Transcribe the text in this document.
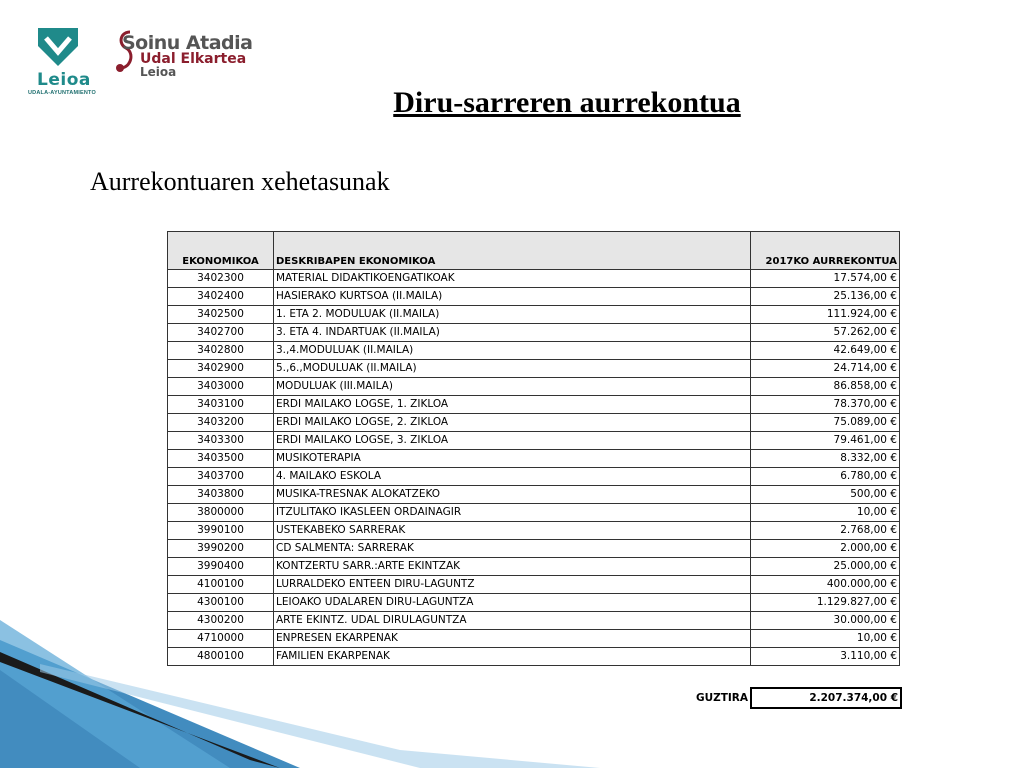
Leioa
UDALA-AYUNTAMIENTO
Soinu Atadia
Udal Elkartea
Leioa
Diru-sarreren aurrekontua
Aurrekontuaren xehetasunak
EKONOMIKOA	DESKRIBAPEN EKONOMIKOA	2017KO AURREKONTUA
3402300	MATERIAL DIDAKTIKOENGATIKOAK	17.574,00 €
3402400	HASIERAKO KURTSOA (II.MAILA)	25.136,00 €
3402500	1. ETA 2. MODULUAK (II.MAILA)	111.924,00 €
3402700	3. ETA 4. INDARTUAK (II.MAILA)	57.262,00 €
3402800	3.,4.MODULUAK (II.MAILA)	42.649,00 €
3402900	5.,6.,MODULUAK (II.MAILA)	24.714,00 €
3403000	MODULUAK (III.MAILA)	86.858,00 €
3403100	ERDI MAILAKO LOGSE, 1. ZIKLOA	78.370,00 €
3403200	ERDI MAILAKO LOGSE, 2. ZIKLOA	75.089,00 €
3403300	ERDI MAILAKO LOGSE, 3. ZIKLOA	79.461,00 €
3403500	MUSIKOTERAPIA	8.332,00 €
3403700	4. MAILAKO ESKOLA	6.780,00 €
3403800	MUSIKA-TRESNAK ALOKATZEKO	500,00 €
3800000	ITZULITAKO IKASLEEN ORDAINAGIR	10,00 €
3990100	USTEKABEKO SARRERAK	2.768,00 €
3990200	CD SALMENTA: SARRERAK	2.000,00 €
3990400	KONTZERTU SARR.:ARTE EKINTZAK	25.000,00 €
4100100	LURRALDEKO ENTEEN DIRU-LAGUNTZ	400.000,00 €
4300100	LEIOAKO UDALAREN DIRU-LAGUNTZA	1.129.827,00 €
4300200	ARTE EKINTZ. UDAL DIRULAGUNTZA	30.000,00 €
4710000	ENPRESEN EKARPENAK	10,00 €
4800100	FAMILIEN EKARPENAK	3.110,00 €
GUZTIRA	2.207.374,00 €
